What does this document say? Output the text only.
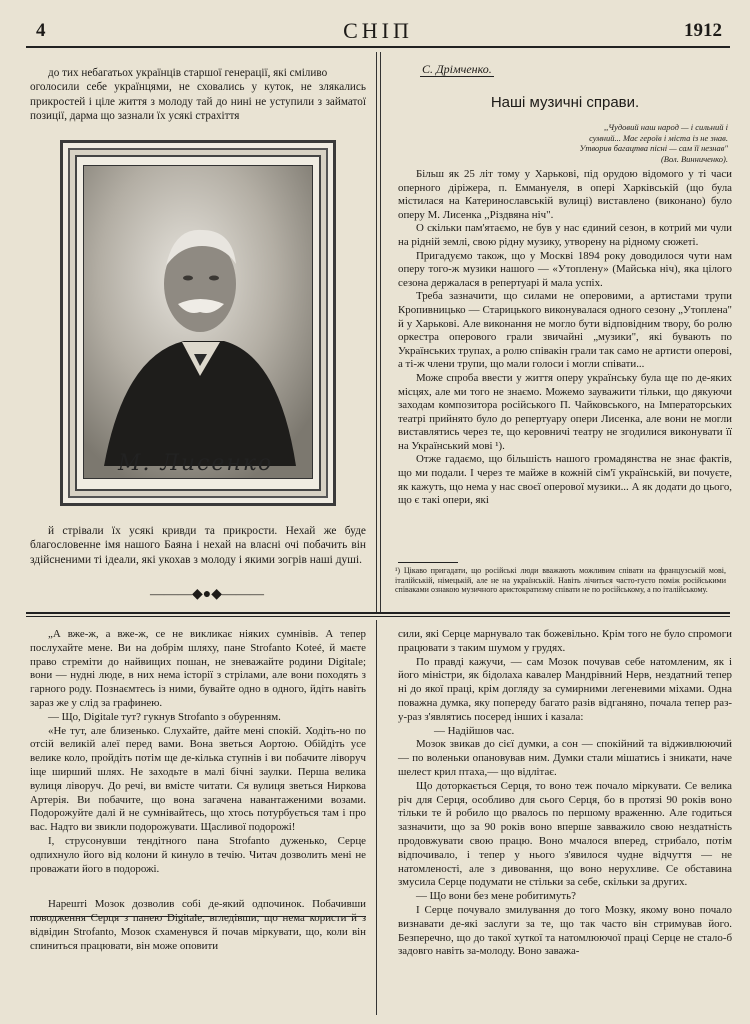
4	СНІП	1912

до тих небагатьох українців старшої генерації, які сміливо

оголосили себе українцями, не сховались у куток, не злякались прикростей і ціле життя з молоду тай до нині не уступили з займатої позиції, дарма що зазнали їх усякі страхіття

М. Лисенко

й стрівали їх усякі кривди та прикрости. Нехай же буде благословенне імя нашого Баяна і нехай на власні очі побачить він здійсненими ті ідеали, які укохав з молоду і якими зогрів наші душі.

———◆●◆———
С. Дрімченко.
Наші музичні справи.
,,Чудовий наш народ — і сильний і
сумний... Має героїв і міста із не знав.
Утворив багацтва пісні — сам її незнав"
(Вол. Винниченко).

Більш як 25 літ тому у Харькові, під орудою відомого у ті часи оперного діріжера, п. Еммануеля, в опері Харківській (що була містилася на Катеринославській вулиці) виставлено (виконано) було оперу М. Лисенка ,,Різдвяна ніч".

О скільки пам'ятаємо, не був у нас єдиний сезон, в котрий ми чули на рідній землі, свою рідну музику, утворену на рідному сюжеті.

Пригадуємо також, що у Москві 1894 року доводилося чути нам оперу того-ж музики нашого — «Утоплену» (Майська ніч), яка цілого сезона держалася в репертуарі й мала успіх.

Треба зазначити, що силами не оперовими, а артистами трупи Кропивницько — Старицького виконувалася одного сезону „Утоплена" й у Харькові. Але виконання не могло бути відповідним твору, бо ролю оркестра оперового грали звичайні „музики", які бувають по Українських трупах, а ролю співакін грали так само не артисти оперові, а ті-ж члени трупи, що мали голоси і могли співати...

Може спроба ввести у життя оперу українську була ще по де-яких місцях, але ми того не знаємо. Можемо зауважити тільки, що дякуючи заходам композитора російського П. Чайковського, на Імператорських театрі прийнято було до репертуару опери Лисенка, але вони не могли виставлятись через те, що керовничі театру не згодилися виконувати її на Український мові ¹).

Отже гадаємо, що більшість нашого громадянства не знає фактів, що ми подали. І через те майже в кожній сім'ї українській, ви почуєте, як кажуть, що нема у нас своєї оперової музики... А як додати до цього, що є такі опери, які

¹) Цікаво пригадати, що російські люди вважають можливим співати на французській мові, італійській, німецькій, але не на українській. Навіть лічиться часто-густо поміж російськими співаками ознакою музичного аристократизму співати не по російському, а по італійському.

„А вже-ж, а вже-ж, се не викликає ніяких сумнівів. А тепер послухайте мене. Ви на добрім шляху, пане Strofanto Kotеé, й маєте право стреміти до найвищих пошан, не зневажайте родини Digitale; вони — нудні люде, в них нема історії з стрілами, але вони походять з гарного роду. Познаємтесь із ними, бувайте одно в одного, йдіть навіть зараз же у слід за графинею.

— Що, Digitale тут? гукнув Strofanto з обуренням.

«Не тут, але близенько. Слухайте, дайте мені спокій. Ходіть-но по отсій великій алеї перед вами. Вона зветься Аортою. Обійдіть усе велике коло, пройдіть потім ще де-кілька ступнів і ви побачите лівоpуч іще ширший шлях. Не заходьте в малі бічні заулки. Перша велика вулиця ліворуч. До речі, ви вмісте читати. Ся вулиця зветься Ниркова Артерія. Ви побачите, що вона загачена навантаженими возами. Подорожуйте далі й не сумнівайтесь, що хтось потурбується там і про вас. Надто ви звикли подорожувати. Щасливої подорожі!

І, струсонувши тендітного пана Strofanto дуженько, Серце одпихнуло його від колони й кинуло в течію. Читач дозволить мені не проважати його в подорожі.

Нарешті Мозок дозволив собі де-який одпочинок. Побачивши поводження Серця з панею Digitale, вгледівши, що нема користи й з відвідин Strofanto, Мозок схаменувся й почав міркувати, що, коли він спиниться працювати, він може оповити

сили, які Серце марнувало так божевільно. Крім того не було спромоги працювати з таким шумом у грудях.

По правді кажучи, — сам Мозок почував себе натомленим, як і його міністри, як бідолаха кавалер Мандрівний Нерв, нездатний тепер ні до якої праці, крім догляду за сумирними легеневими міхами. Одна поважна думка, яку попереду багато разів відганяно, почала тепер раз-у-раз з'являтись посеред інших і казала:

— Надійшов час.

Мозок звикав до сієї думки, а сон — спокійний та відживлюючий — по воленьки опановував ним. Думки стали мішатись і зникати, наче шелест крил птаха,— що відлітає.

Що доторкається Серця, то воно теж почало міркувати. Се велика річ для Серця, особливо для сього Серця, бо в протязі 90 років воно тільки те й робило що рвалось по першому враженню. Але годиться зазначити, що за 90 років воно вперше завважило свою нездатність продовжувати свою працю. Воно мчалося вперед, стрибало, потім відпочивало, і тепер у нього з'явилося чудне відчуття — не натомленості, але з дивовання, що воно нерухливе. Се обставина змусила Серце подумати не стільки за себе, скільки за других.

— Що вони без мене робитимуть?

І Серце почувало змилування до того Мозку, якому воно почало визнавати де-які заслуги за те, що так часто він стримував його. Безперечно, що до такої хуткої та натомлюючої праці Серце не стало-б задовго навіть за-молоду. Воно заважа-
